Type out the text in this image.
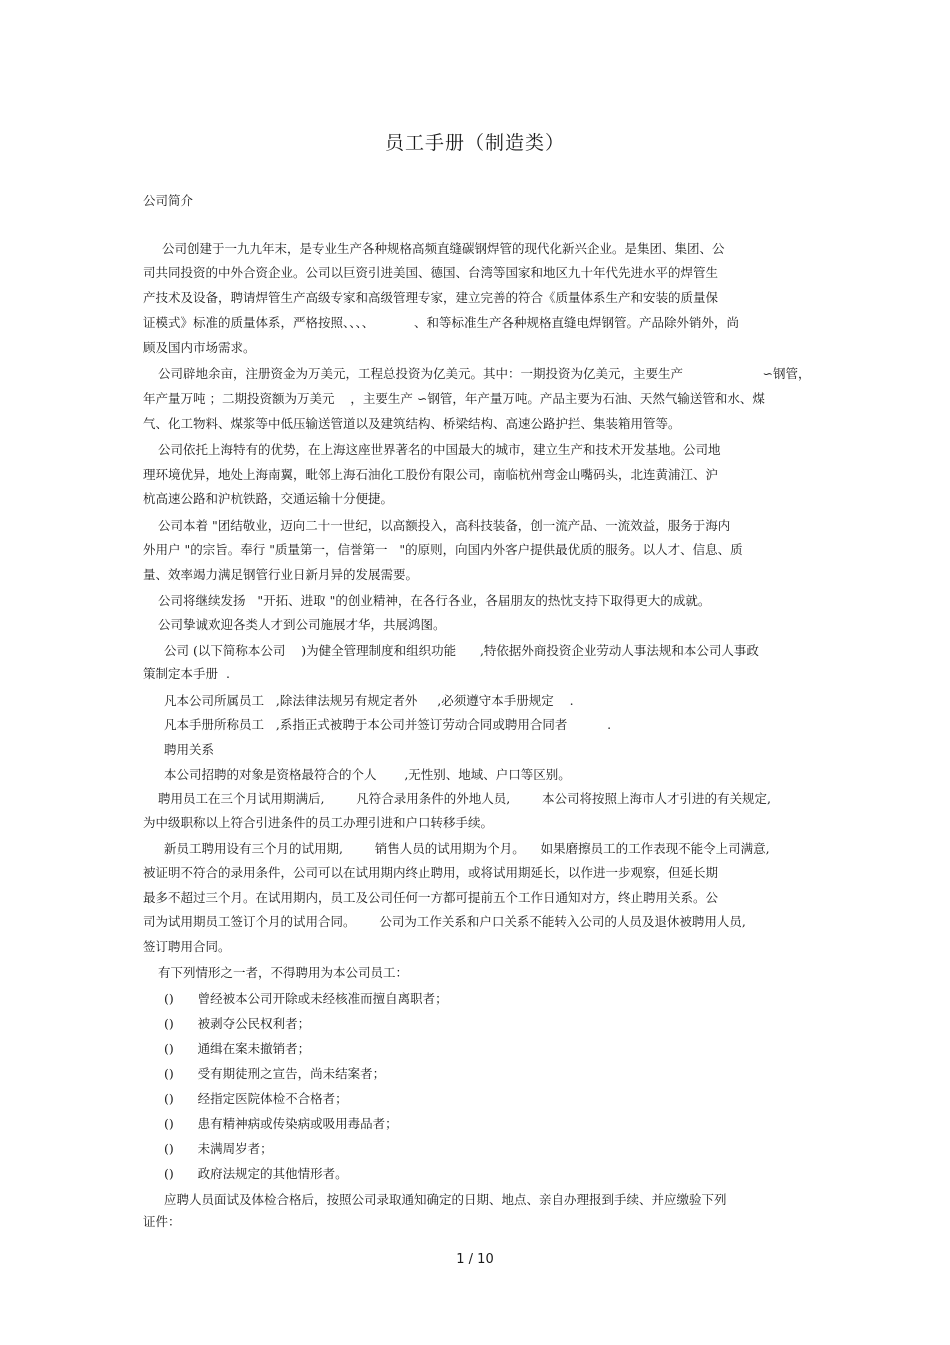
员工手册（制造类）
公司简介
公司创建于一九九年末，是专业生产各种规格高频直缝碳钢焊管的现代化新兴企业。是集团、集团、公
司共同投资的中外合资企业。公司以巨资引进美国、德国、台湾等国家和地区九十年代先进水平的焊管生
产技术及设备，聘请焊管生产高级专家和高级管理专家，建立完善的符合《质量体系生产和安装的质量保
证模式》标准的质量体系，严格按照、、、、          、和等标准生产各种规格直缝电焊钢管。产品除外销外，尚
顾及国内市场需求。
公司辟地余亩，注册资金为万美元，工程总投资为亿美元。其中：一期投资为亿美元，主要生产                    ∽钢管，
年产量万吨 ；二期投资额为万美元    ，主要生产 ∽钢管，年产量万吨。产品主要为石油、天然气输送管和水、煤
气、化工物料、煤浆等中低压输送管道以及建筑结构、桥梁结构、高速公路护拦、集装箱用管等。
公司依托上海特有的优势，在上海这座世界著名的中国最大的城市，建立生产和技术开发基地。公司地
理环境优异，地处上海南翼，毗邻上海石油化工股份有限公司，南临杭州弯金山嘴码头，北连黄浦江、沪
杭高速公路和沪杭铁路，交通运输十分便捷。
公司本着 "团结敬业，迈向二十一世纪，以高额投入，高科技装备，创一流产品、一流效益，服务于海内
外用户 "的宗旨。奉行 "质量第一，信誉第一   "的原则，向国内外客户提供最优质的服务。以人才、信息、质
量、效率竭力满足钢管行业日新月异的发展需要。
公司将继续发扬   "开拓、进取 "的创业精神，在各行各业，各届朋友的热忱支持下取得更大的成就。
公司挚诚欢迎各类人才到公司施展才华，共展鸿图。
公司 (以下简称本公司    )为健全管理制度和组织功能      ,特依据外商投资企业劳动人事法规和本公司人事政
策制定本手册  .
凡本公司所属员工   ,除法律法规另有规定者外     ,必须遵守本手册规定    .
凡本手册所称员工   ,系指正式被聘于本公司并签订劳动合同或聘用合同者          .
聘用关系
本公司招聘的对象是资格最符合的个人       ,无性别、地域、户口等区别。
聘用员工在三个月试用期满后,        凡符合录用条件的外地人员,        本公司将按照上海市人才引进的有关规定,
为中级职称以上符合引进条件的员工办理引进和户口转移手续。
新员工聘用设有三个月的试用期,        销售人员的试用期为个月。    如果磨擦员工的工作表现不能令上司满意,
被证明不符合的录用条件，公司可以在试用期内终止聘用，或将试用期延长，以作进一步观察，但延长期
最多不超过三个月。在试用期内，员工及公司任何一方都可提前五个工作日通知对方，终止聘用关系。公
司为试用期员工签订个月的试用合同。      公司为工作关系和户口关系不能转入公司的人员及退休被聘用人员,
签订聘用合同。
有下列情形之一者，不得聘用为本公司员工：
()      曾经被本公司开除或未经核准而擅自离职者；
()      被剥夺公民权利者；
()      通缉在案未撤销者；
()      受有期徒刑之宣告，尚未结案者；
()      经指定医院体检不合格者；
()      患有精神病或传染病或吸用毒品者；
()      未满周岁者；
()      政府法规定的其他情形者。
应聘人员面试及体检合格后，按照公司录取通知确定的日期、地点、亲自办理报到手续、并应缴验下列
证件：
1 / 10
